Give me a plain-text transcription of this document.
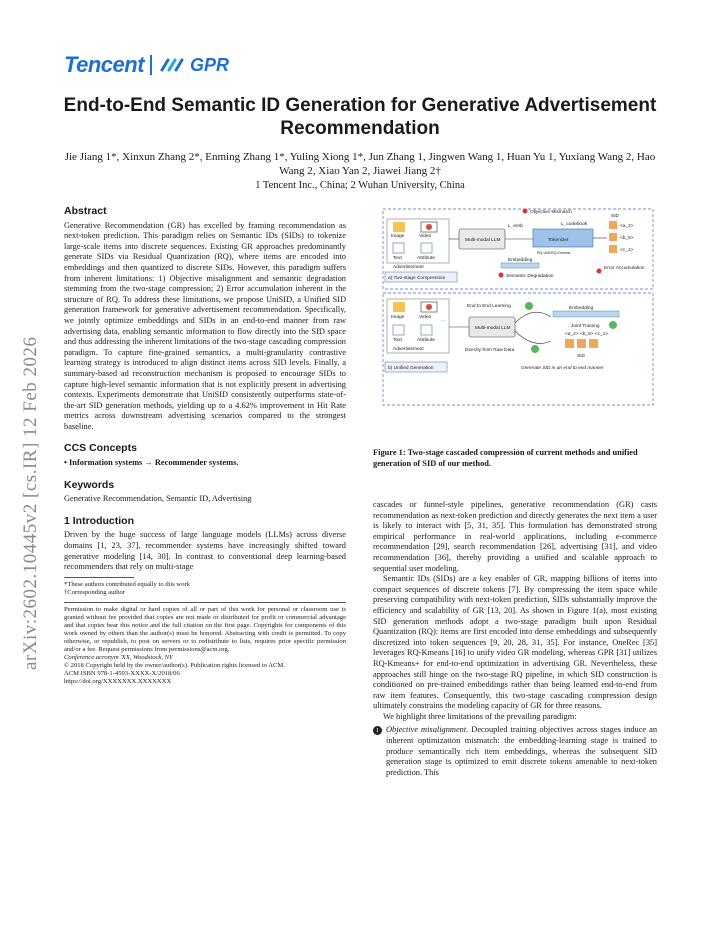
Tencent	GPR
arXiv:2602.10445v2 [cs.IR] 12 Feb 2026
End-to-End Semantic ID Generation for Generative Advertisement Recommendation
Jie Jiang 1*, Xinxun Zhang 2*, Enming Zhang 1*, Yuling Xiong 1*, Jun Zhang 1, Jingwen Wang 1, Huan Yu 1, Yuxiang Wang 2, Hao Wang 2, Xiao Yan 2, Jiawei Jiang 2†
1 Tencent Inc., China; 2 Wuhan University, China
Abstract

Generative Recommendation (GR) has excelled by framing recommendation as next-token prediction. This paradigm relies on Semantic IDs (SIDs) to tokenize large-scale items into discrete sequences. Existing GR approaches predominantly generate SIDs via Residual Quantization (RQ), where items are encoded into embeddings and then quantized to discrete SIDs. However, this paradigm suffers from inherent limitations: 1) Objective misalignment and semantic degradation stemming from the two-stage compression; 2) Error accumulation inherent in the structure of RQ. To address these limitations, we propose UniSID, a Unified SID generation framework for generative advertisement recommendation. Specifically, we jointly optimize embeddings and SIDs in an end-to-end manner from raw advertising data, enabling semantic information to flow directly into the SID space and thus addressing the inherent limitations of the two-stage cascading compression paradigm. To capture fine-grained semantics, a multi-granularity contrastive learning strategy is introduced to align distinct items across SID levels. Finally, a summary-based ad reconstruction mechanism is proposed to encourage SIDs to capture high-level semantic information that is not explicitly present in advertising contexts. Experiments demonstrate that UniSID consistently outperforms state-of-the-art SID generation methods, yielding up to a 4.62% improvement in Hit Rate metrics across downstream advertising scenarios compared to the strongest baseline.

CCS Concepts

• Information systems → Recommender systems.

Keywords

Generative Recommendation, Semantic ID, Advertising

1 Introduction

Driven by the huge success of large language models (LLMs) across diverse domains [1, 23, 37], recommender systems have increasingly shifted toward generative modeling [14, 30]. In contrast to conventional deep learning-based recommenders that rely on multi-stage

*These authors contributed equally to this work

†Corresponding author

Permission to make digital or hard copies of all or part of this work for personal or classroom use is granted without fee provided that copies are not made or distributed for profit or commercial advantage and that copies bear this notice and the full citation on the first page. Copyrights for components of this work owned by others than the author(s) must be honored. Abstracting with credit is permitted. To copy otherwise, or republish, to post on servers or to redistribute to lists, requires prior specific permission and/or a fee. Request permissions from permissions@acm.org.

Conference acronym 'XX, Woodstock, NY

© 2018 Copyright held by the owner/author(s). Publication rights licensed to ACM.

ACM ISBN 978-1-4503-XXXX-X/2018/06

https://doi.org/XXXXXXX.XXXXXXX

Image	Video
Text	Attribute
Advertisement
Multi-modal LLM	Tokenizer
RQ-VAE/RQ-Kmeans
L_emb	L_codebook
Objective Mismatch
Embedding
SID
<a_2>
<b_5>
<c_1>
a) Two-stage Compression	Semantic Degradation
Error Accumulation
Image	Video
Text	Attribute
Advertisement
...
End to End Learning
Multi-modal LLM
Directly from Raw Data
Embedding
Joint Training
<a_2> <b_5> <c_1>
SID
b) Unified Generation	Generate SID in an end to end manner
Figure 1: Two-stage cascaded compression of current methods and unified generation of SID of our method.

cascades or funnel-style pipelines, generative recommendation (GR) casts recommendation as next-token prediction and directly generates the next item a user is likely to interact with [5, 31, 35]. This formulation has demonstrated strong empirical performance in real-world applications, including e-commerce recommendation [29], search recommendation [26], advertising [31], and video recommendation [36], thereby providing a unified and scalable approach to sequential user modeling.

Semantic IDs (SIDs) are a key enabler of GR, mapping billions of items into compact sequences of discrete tokens [7]. By compressing the item space while preserving compatibility with next-token prediction, SIDs substantially improve the efficiency and scalability of GR [13, 20]. As shown in Figure 1(a), most existing SID generation methods adopt a two-stage paradigm built upon Residual Quantization (RQ): items are first encoded into dense embeddings and subsequently discretized into token sequences [9, 20, 28, 31, 35]. For instance, OneRec [35] leverages RQ-Kmeans [16] to unify video GR modeling, whereas GPR [31] utilizes RQ-Kmeans+ for end-to-end optimization in advertising GR. Nevertheless, these approaches still hinge on the two-stage RQ pipeline, in which SID construction is conditioned on pre-trained embeddings rather than being learned end-to-end from raw item features. Consequently, this two-stage cascading compression design ultimately constrains the modeling capacity of GR for three reasons.

We highlight three limitations of the prevailing paradigm:

1 Objective misalignment. Decoupled training objectives across stages induce an inherent optimization mismatch: the embedding-learning stage is trained to produce semantically rich item embeddings, whereas the subsequent SID generation stage is optimized to emit discrete tokens amenable to next-token prediction. This
